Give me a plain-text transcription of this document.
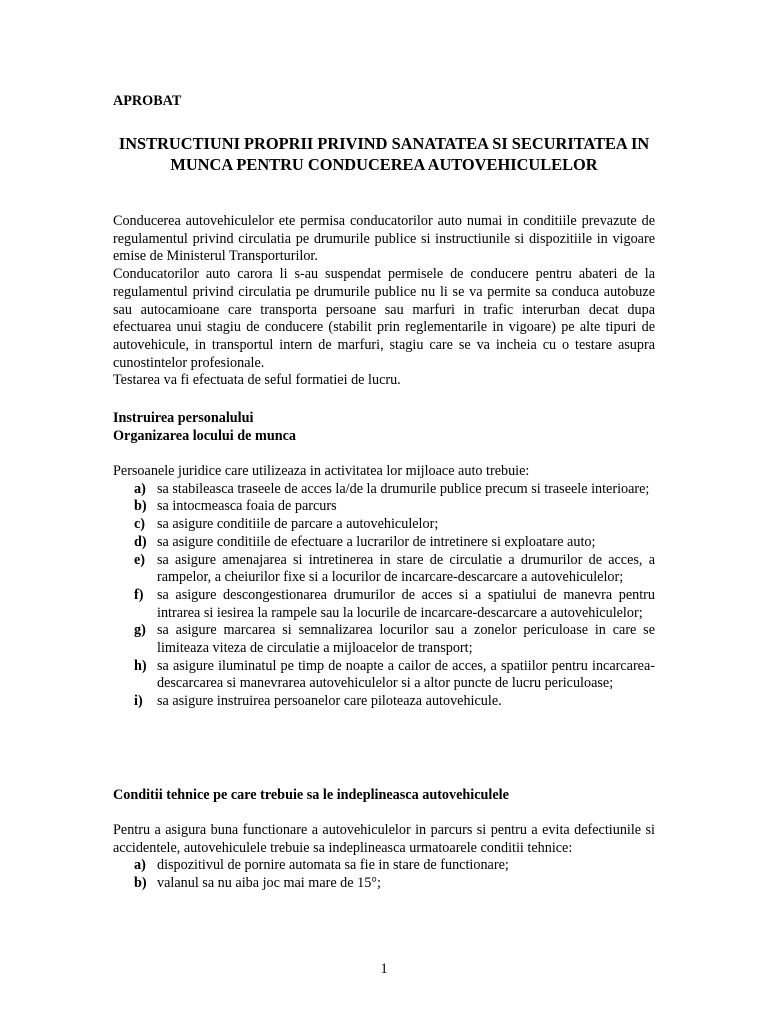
APROBAT
INSTRUCTIUNI PROPRII PRIVIND SANATATEA SI SECURITATEA IN MUNCA PENTRU CONDUCEREA AUTOVEHICULELOR

Conducerea autovehiculelor ete permisa conducatorilor auto numai in conditiile prevazute de regulamentul privind circulatia pe drumurile publice si instructiunile si dispozitiile in vigoare emise de Ministerul Transporturilor.

Conducatorilor auto carora li s-au suspendat permisele de conducere pentru abateri de la regulamentul privind circulatia pe drumurile publice nu li se va permite sa conduca autobuze sau autocamioane care transporta persoane sau marfuri in trafic interurban decat dupa efectuarea unui stagiu de conducere (stabilit prin reglementarile in vigoare) pe alte tipuri de autovehicule, in transportul intern de marfuri, stagiu care se va incheia cu o testare asupra cunostintelor profesionale.

Testarea va fi efectuata de seful formatiei de lucru.

Instruirea personalului

Organizarea locului de munca

Persoanele juridice care utilizeaza in activitatea lor mijloace auto trebuie:

a) sa stabileasca traseele de acces la/de la drumurile publice precum si traseele interioare;
b) sa intocmeasca foaia de parcurs
c) sa asigure conditiile de parcare a autovehiculelor;
d) sa asigure conditiile de efectuare a lucrarilor de intretinere si exploatare auto;
e) sa asigure amenajarea si intretinerea in stare de circulatie a drumurilor de acces, a rampelor, a cheiurilor fixe si a locurilor de incarcare-descarcare a autovehiculelor;
f) sa asigure descongestionarea drumurilor de acces si a spatiului de manevra pentru intrarea si iesirea la rampele sau la locurile de incarcare-descarcare a autovehiculelor;
g) sa asigure marcarea si semnalizarea locurilor sau a zonelor periculoase in care se limiteaza viteza de circulatie a mijloacelor de transport;
h) sa asigure iluminatul pe timp de noapte a cailor de acces, a spatiilor pentru incarcarea-descarcarea si manevrarea autovehiculelor si a altor puncte de lucru periculoase;
i) sa asigure instruirea persoanelor care piloteaza autovehicule.

Conditii tehnice pe care trebuie sa le indeplineasca autovehiculele

Pentru a asigura buna functionare a autovehiculelor in parcurs si pentru a evita defectiunile si accidentele, autovehiculele trebuie sa indeplineasca urmatoarele conditii tehnice:

a) dispozitivul de pornire automata sa fie in stare de functionare;
b) valanul sa nu aiba joc mai mare de 15°;
1
